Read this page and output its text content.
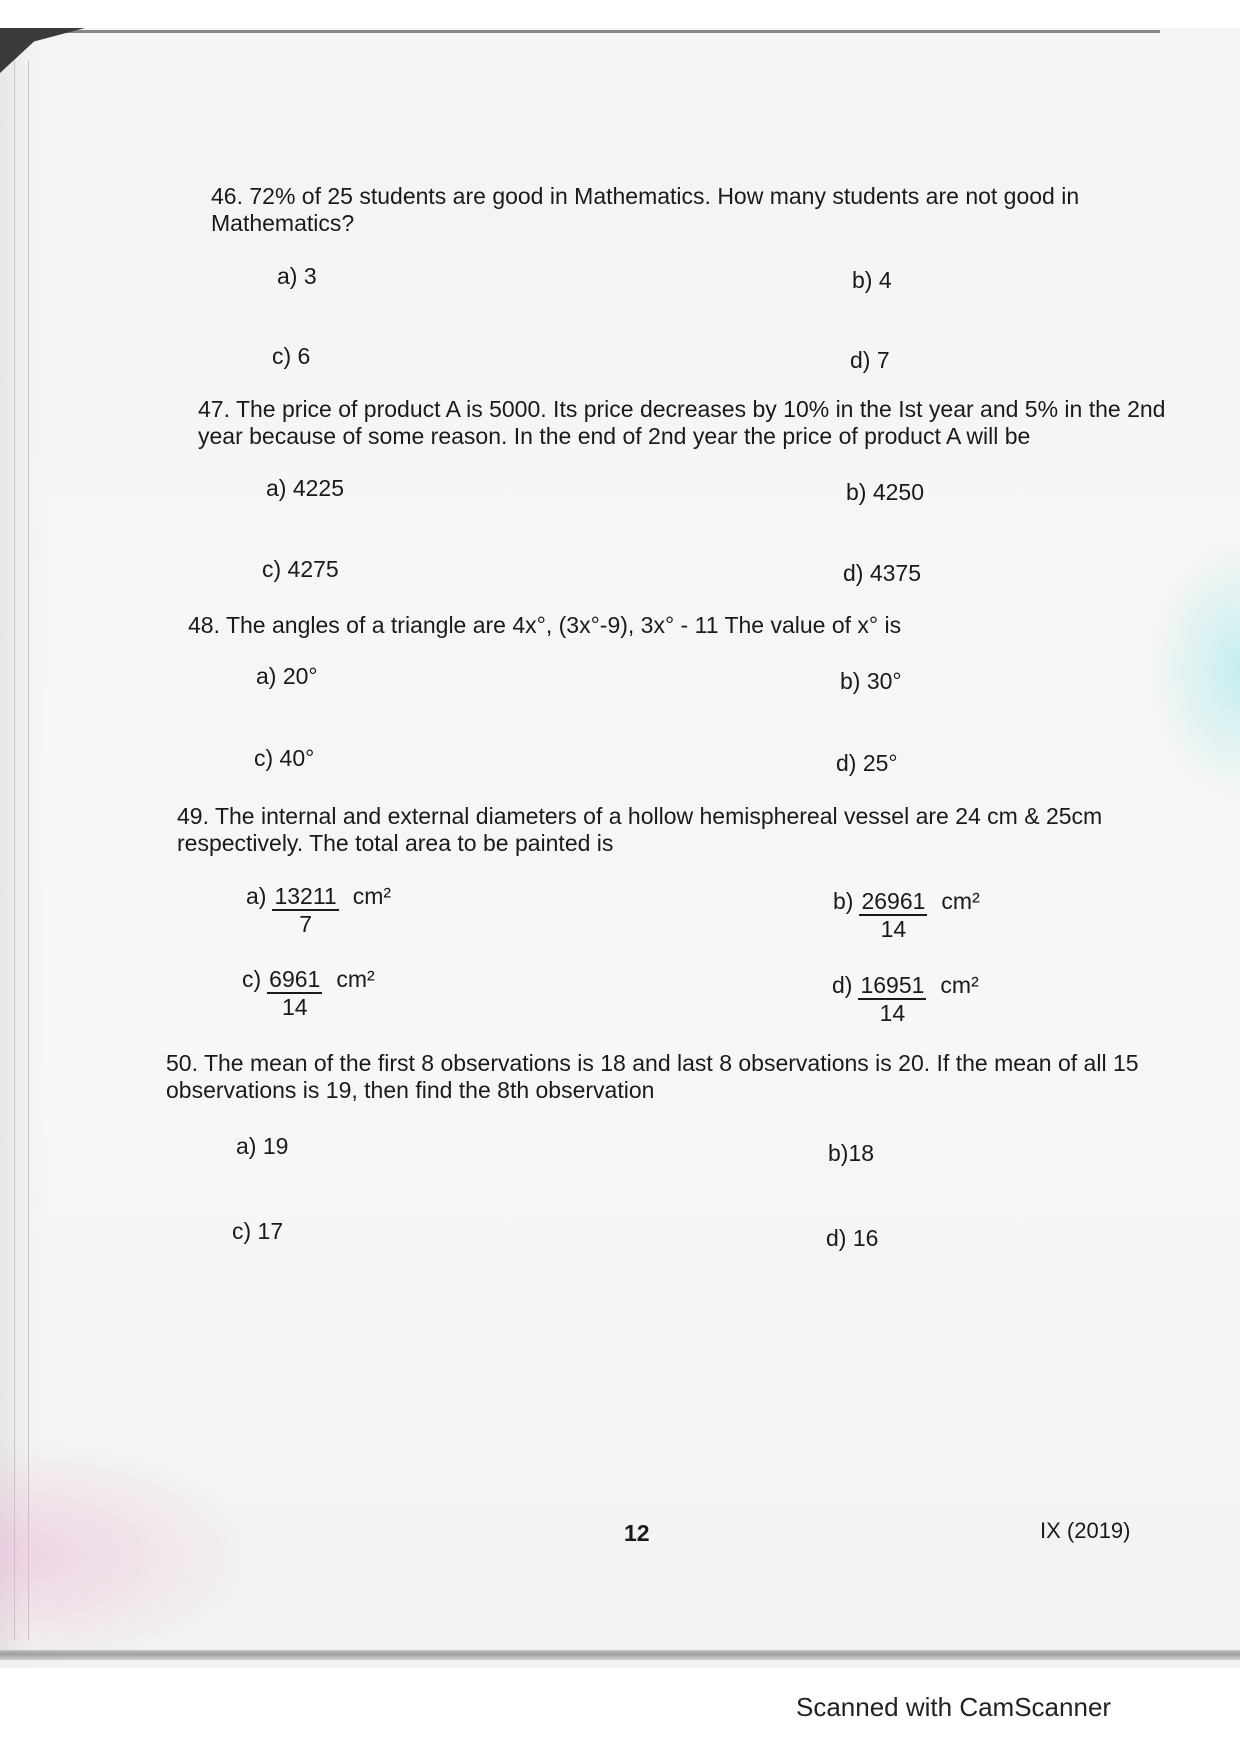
46. 72% of 25 students are good in Mathematics. How many students are not good in Mathematics?

a) 3	b) 4
c) 6	d) 7

47. The price of product A is 5000. Its price decreases by 10% in the Ist year and 5% in the 2nd year because of some reason. In the end of 2nd year the price of product A will be

a) 4225	b) 4250
c) 4275	d) 4375

48. The angles of a triangle are 4x°, (3x°-9), 3x° - 11 The value of x° is

a) 20°	b) 30°
c) 40°	d) 25°

49. The internal and external diameters of a hollow hemisphereal vessel are 24 cm & 25cm respectively. The total area to be painted is

$a) \frac{13211}{7} cm^2$	$b) \frac{26961}{14} cm^2$
$c) \frac{6961}{14} cm^2$	$d) \frac{16951}{14} cm^2$

50. The mean of the first 8 observations is 18 and last 8 observations is 20. If the mean of all 15 observations is 19, then find the 8th observation

a) 19	b)18
c) 17	d) 16
12	IX (2019)
Scanned with CamScanner
